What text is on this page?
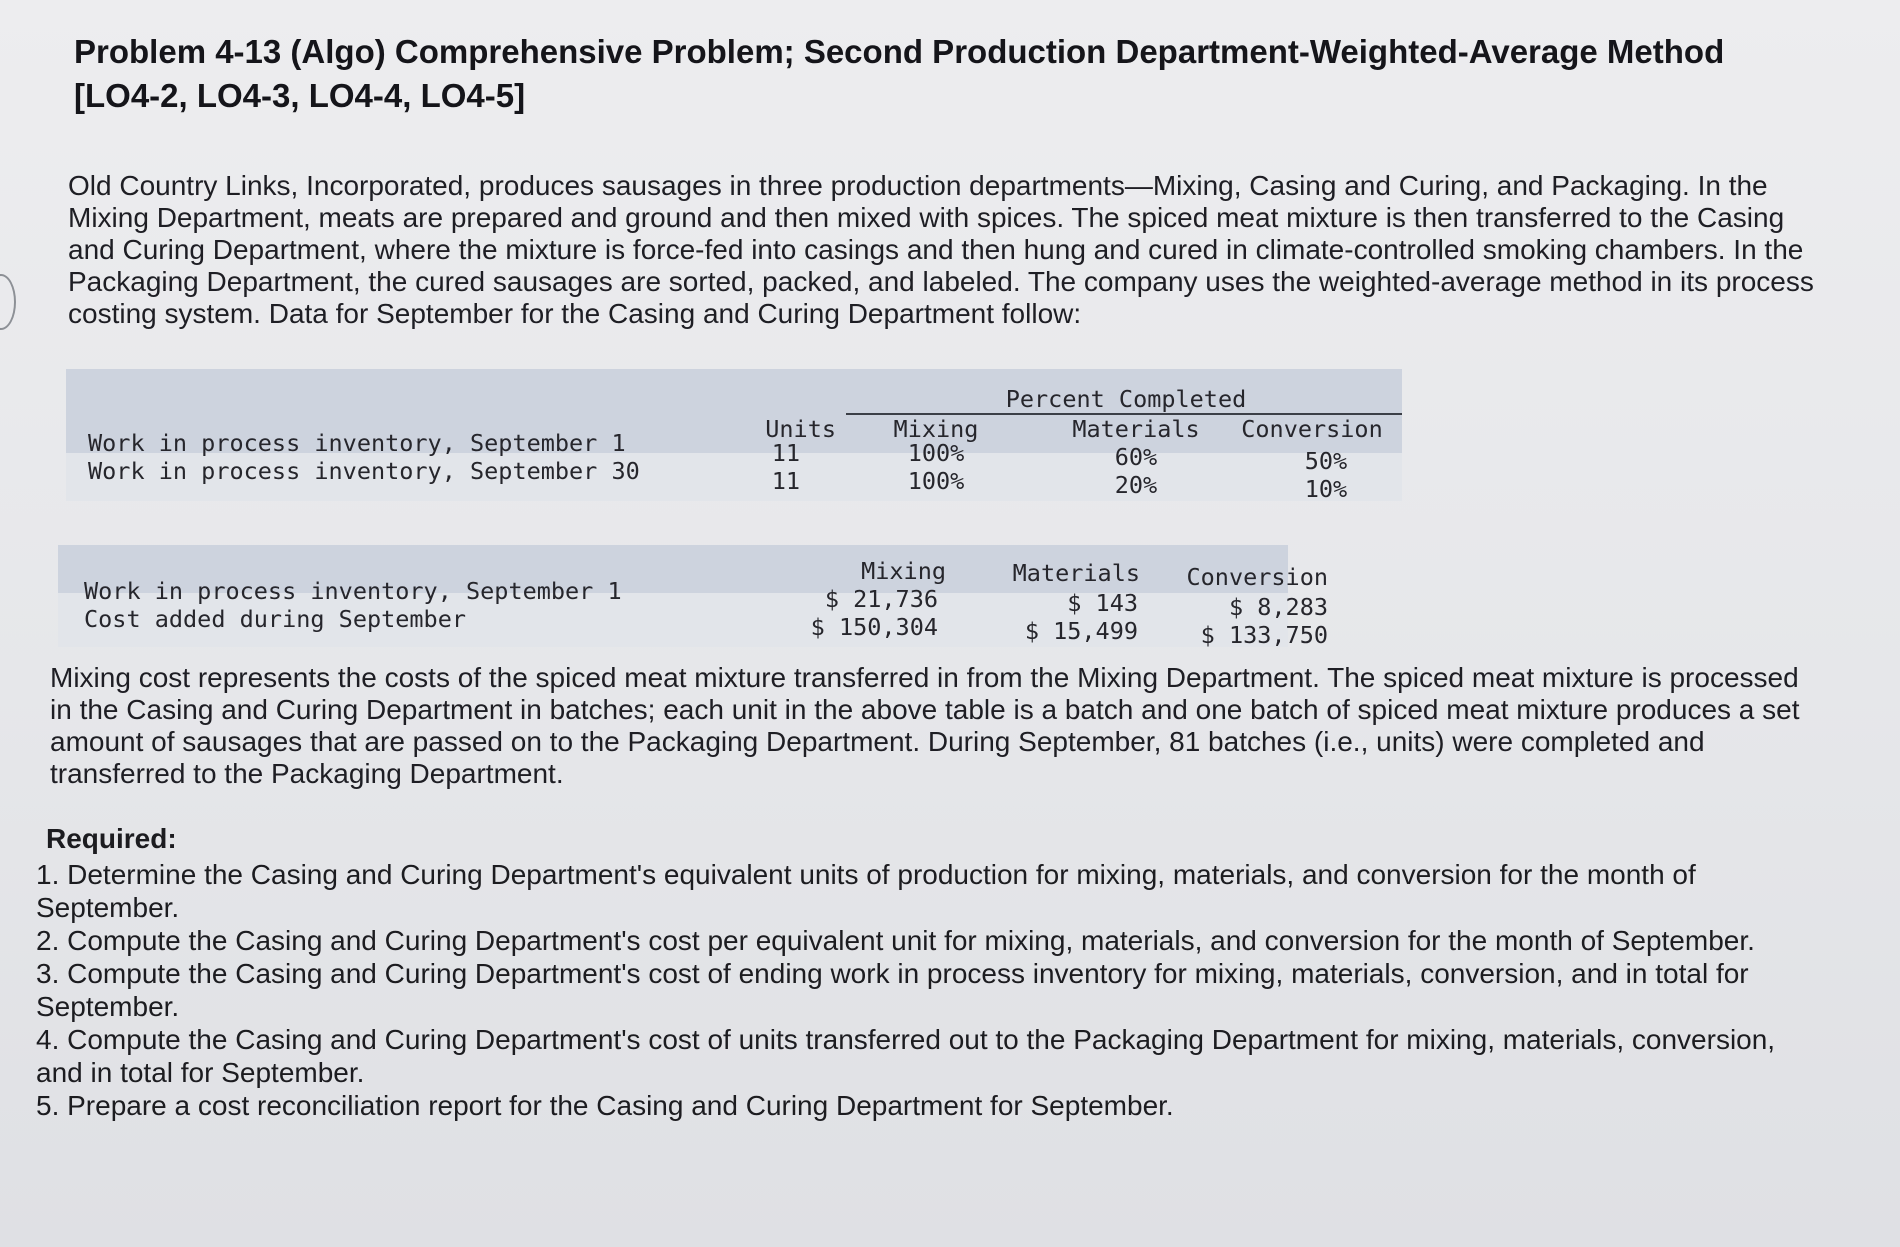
Problem 4-13 (Algo) Comprehensive Problem; Second Production Department-Weighted-Average Method [LO4-2, LO4-3, LO4-4, LO4-5]
Old Country Links, Incorporated, produces sausages in three production departments—Mixing, Casing and Curing, and Packaging. In the Mixing Department, meats are prepared and ground and then mixed with spices. The spiced meat mixture is then transferred to the Casing and Curing Department, where the mixture is force-fed into casings and then hung and cured in climate-controlled smoking chambers. In the Packaging Department, the cured sausages are sorted, packed, and labeled. The company uses the weighted-average method in its process costing system. Data for September for the Casing and Curing Department follow:
Percent Completed
Units	Mixing	Materials	Conversion
Work in process inventory, September 1	11	100%	60%	50%
Work in process inventory, September 30	11	100%	20%	10%
Mixing	Materials	Conversion
Work in process inventory, September 1	$ 21,736	$ 143	$ 8,283
Cost added during September	$ 150,304	$ 15,499	$ 133,750
Mixing cost represents the costs of the spiced meat mixture transferred in from the Mixing Department. The spiced meat mixture is processed in the Casing and Curing Department in batches; each unit in the above table is a batch and one batch of spiced meat mixture produces a set amount of sausages that are passed on to the Packaging Department. During September, 81 batches (i.e., units) were completed and transferred to the Packaging Department.
Required:
1. Determine the Casing and Curing Department's equivalent units of production for mixing, materials, and conversion for the month of September.
2. Compute the Casing and Curing Department's cost per equivalent unit for mixing, materials, and conversion for the month of September.
3. Compute the Casing and Curing Department's cost of ending work in process inventory for mixing, materials, conversion, and in total for September.
4. Compute the Casing and Curing Department's cost of units transferred out to the Packaging Department for mixing, materials, conversion, and in total for September.
5. Prepare a cost reconciliation report for the Casing and Curing Department for September.
